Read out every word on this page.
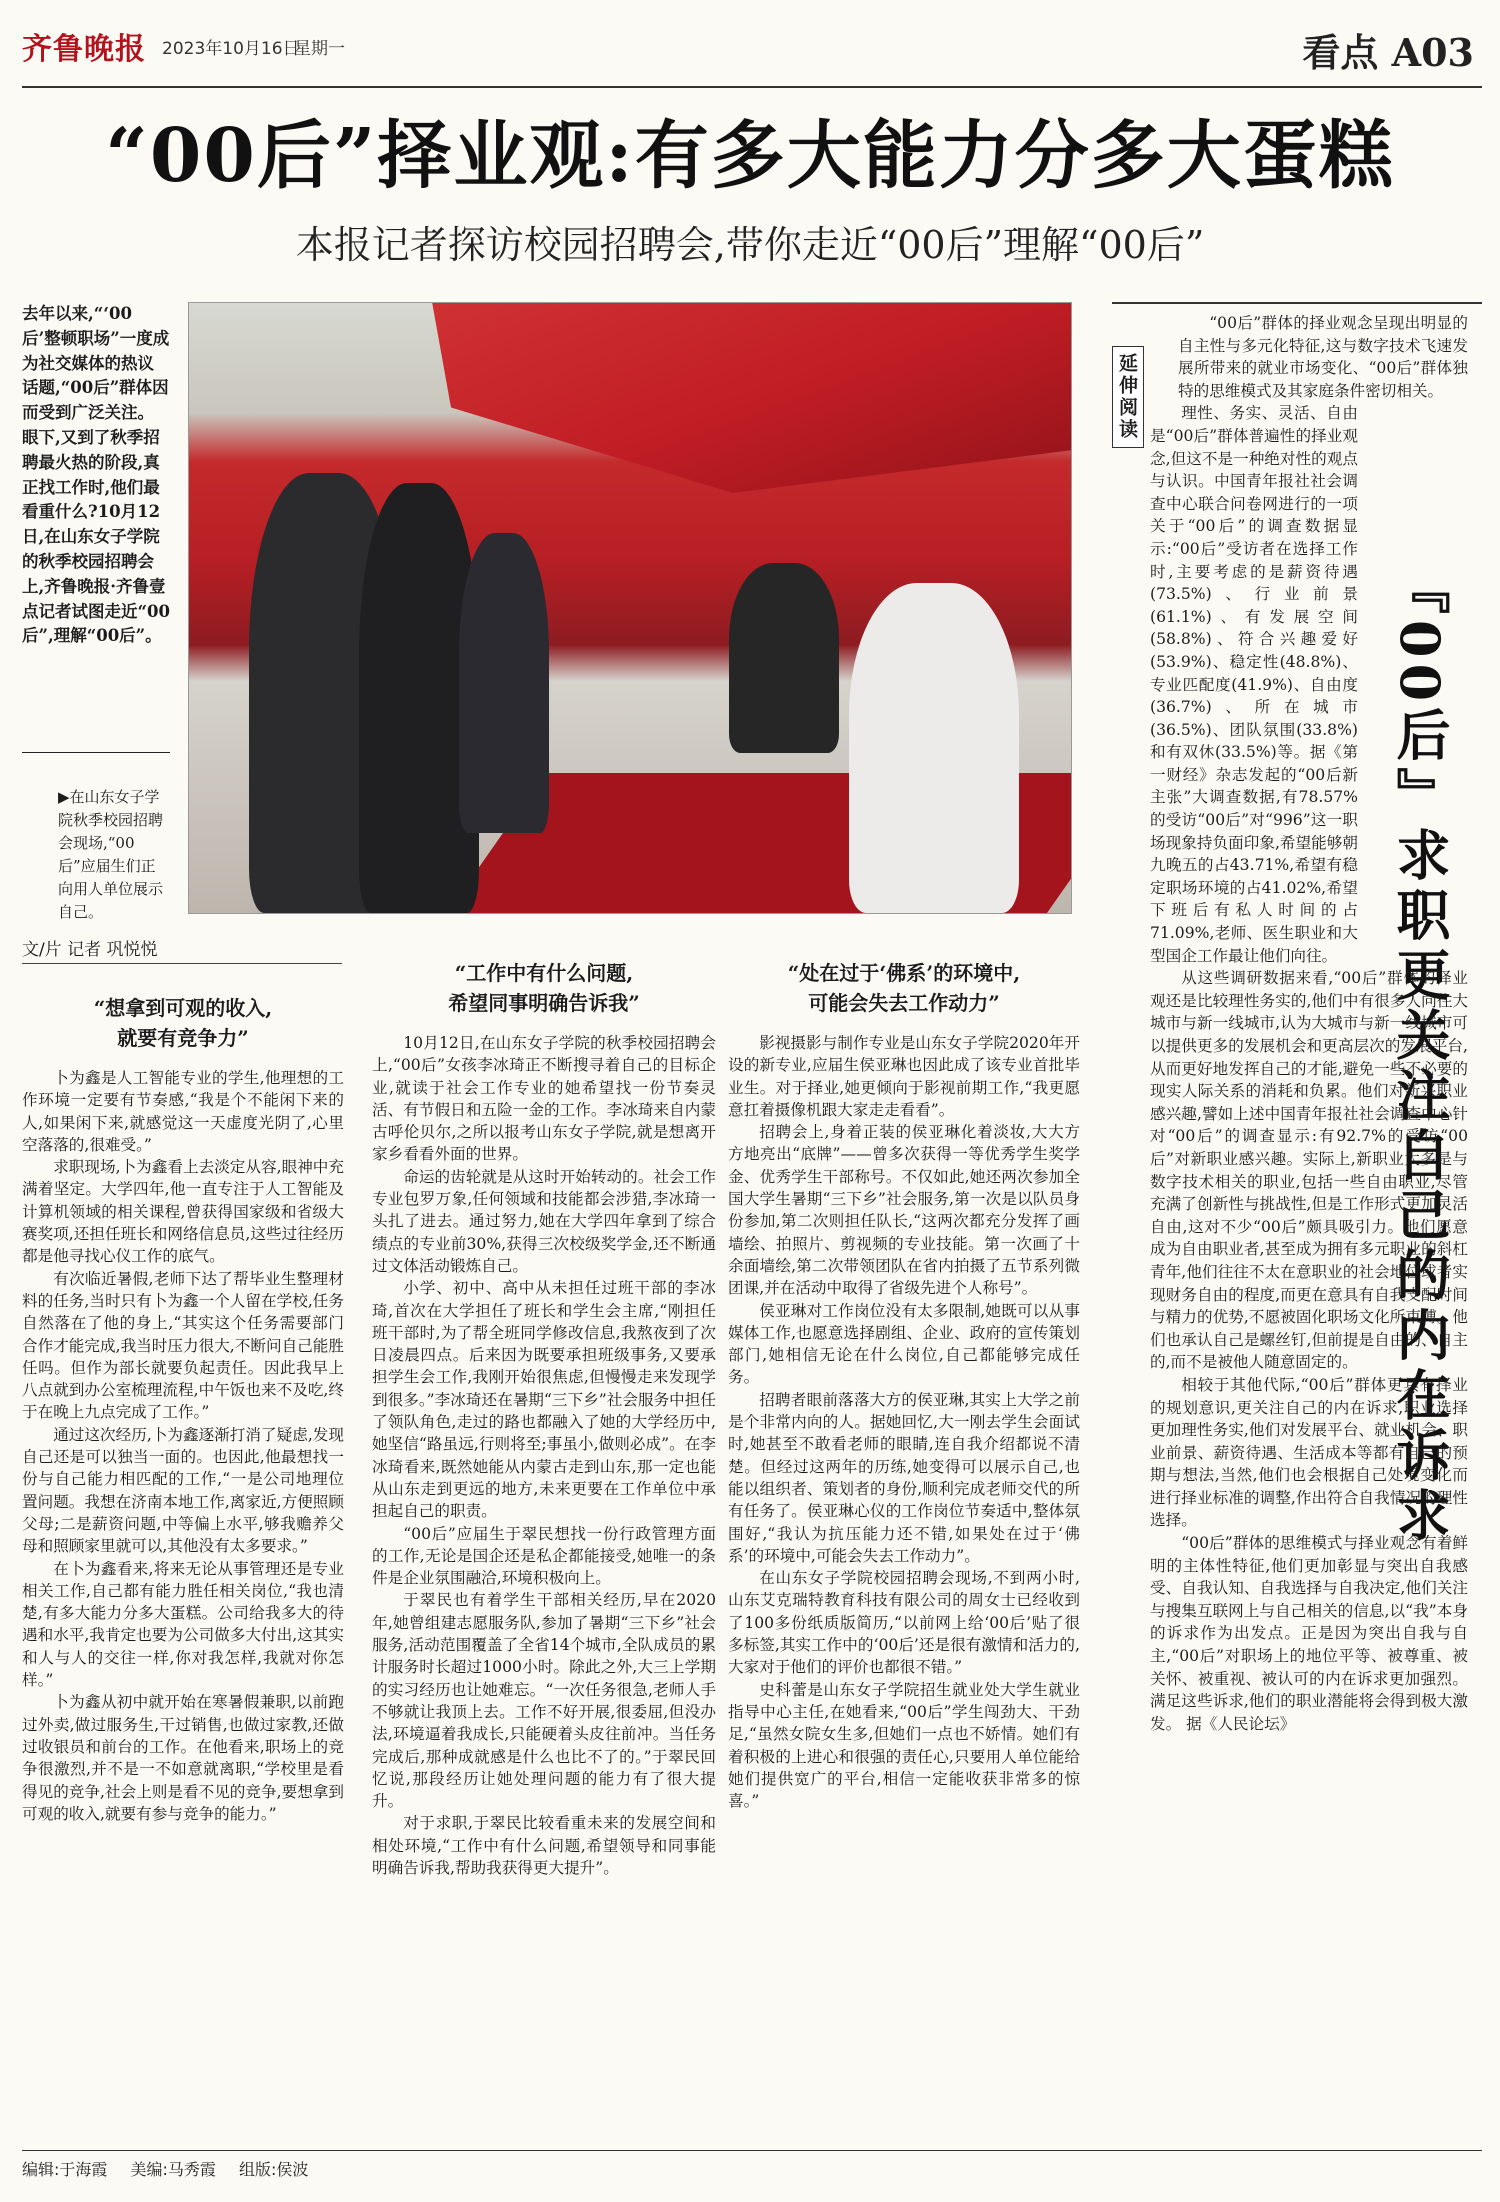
齐鲁晚报 2023年10月16日
星期一	看点 A03
“00后”择业观:有多大能力分多大蛋糕
本报记者探访校园招聘会,带你走近“00后”理解“00后”
去年以来,“‘00后’整顿职场”一度成为社交媒体的热议话题,“00后”群体因而受到广泛关注。眼下,又到了秋季招聘最火热的阶段,真正找工作时,他们最看重什么?10月12日,在山东女子学院的秋季校园招聘会上,齐鲁晚报·齐鲁壹点记者试图走近“00后”,理解“00后”。
▶在山东女子学院秋季校园招聘会现场,“00后”应届生们正向用人单位展示自己。
文/片 记者 巩悦悦
“想拿到可观的收入,
就要有竞争力”

卜为鑫是人工智能专业的学生,他理想的工作环境一定要有节奏感,“我是个不能闲下来的人,如果闲下来,就感觉这一天虚度光阴了,心里空落落的,很难受。”

求职现场,卜为鑫看上去淡定从容,眼神中充满着坚定。大学四年,他一直专注于人工智能及计算机领域的相关课程,曾获得国家级和省级大赛奖项,还担任班长和网络信息员,这些过往经历都是他寻找心仪工作的底气。

有次临近暑假,老师下达了帮毕业生整理材料的任务,当时只有卜为鑫一个人留在学校,任务自然落在了他的身上,“其实这个任务需要部门合作才能完成,我当时压力很大,不断问自己能胜任吗。但作为部长就要负起责任。因此我早上八点就到办公室梳理流程,中午饭也来不及吃,终于在晚上九点完成了工作。”

通过这次经历,卜为鑫逐渐打消了疑虑,发现自己还是可以独当一面的。也因此,他最想找一份与自己能力相匹配的工作,“一是公司地理位置问题。我想在济南本地工作,离家近,方便照顾父母;二是薪资问题,中等偏上水平,够我赡养父母和照顾家里就可以,其他没有太多要求。”

在卜为鑫看来,将来无论从事管理还是专业相关工作,自己都有能力胜任相关岗位,“我也清楚,有多大能力分多大蛋糕。公司给我多大的待遇和水平,我肯定也要为公司做多大付出,这其实和人与人的交往一样,你对我怎样,我就对你怎样。”

卜为鑫从初中就开始在寒暑假兼职,以前跑过外卖,做过服务生,干过销售,也做过家教,还做过收银员和前台的工作。在他看来,职场上的竞争很激烈,并不是一不如意就离职,“学校里是看得见的竞争,社会上则是看不见的竞争,要想拿到可观的收入,就要有参与竞争的能力。”

“工作中有什么问题,
希望同事明确告诉我”

10月12日,在山东女子学院的秋季校园招聘会上,“00后”女孩李冰琦正不断搜寻着自己的目标企业,就读于社会工作专业的她希望找一份节奏灵活、有节假日和五险一金的工作。李冰琦来自内蒙古呼伦贝尔,之所以报考山东女子学院,就是想离开家乡看看外面的世界。

命运的齿轮就是从这时开始转动的。社会工作专业包罗万象,任何领域和技能都会涉猎,李冰琦一头扎了进去。通过努力,她在大学四年拿到了综合绩点的专业前30%,获得三次校级奖学金,还不断通过文体活动锻炼自己。

小学、初中、高中从未担任过班干部的李冰琦,首次在大学担任了班长和学生会主席,“刚担任班干部时,为了帮全班同学修改信息,我熬夜到了次日凌晨四点。后来因为既要承担班级事务,又要承担学生会工作,我刚开始很焦虑,但慢慢走来发现学到很多。”李冰琦还在暑期“三下乡”社会服务中担任了领队角色,走过的路也都融入了她的大学经历中,她坚信“路虽远,行则将至;事虽小,做则必成”。在李冰琦看来,既然她能从内蒙古走到山东,那一定也能从山东走到更远的地方,未来更要在工作单位中承担起自己的职责。

“00后”应届生于翠民想找一份行政管理方面的工作,无论是国企还是私企都能接受,她唯一的条件是企业氛围融洽,环境积极向上。

于翠民也有着学生干部相关经历,早在2020年,她曾组建志愿服务队,参加了暑期“三下乡”社会服务,活动范围覆盖了全省14个城市,全队成员的累计服务时长超过1000小时。除此之外,大三上学期的实习经历也让她难忘。“一次任务很急,老师人手不够就让我顶上去。工作不好开展,很委屈,但没办法,环境逼着我成长,只能硬着头皮往前冲。当任务完成后,那种成就感是什么也比不了的。”于翠民回忆说,那段经历让她处理问题的能力有了很大提升。

对于求职,于翠民比较看重未来的发展空间和相处环境,“工作中有什么问题,希望领导和同事能明确告诉我,帮助我获得更大提升”。

“处在过于‘佛系’的环境中,
可能会失去工作动力”

影视摄影与制作专业是山东女子学院2020年开设的新专业,应届生侯亚琳也因此成了该专业首批毕业生。对于择业,她更倾向于影视前期工作,“我更愿意扛着摄像机跟大家走走看看”。

招聘会上,身着正装的侯亚琳化着淡妆,大大方方地亮出“底牌”——曾多次获得一等优秀学生奖学金、优秀学生干部称号。不仅如此,她还两次参加全国大学生暑期“三下乡”社会服务,第一次是以队员身份参加,第二次则担任队长,“这两次都充分发挥了画墙绘、拍照片、剪视频的专业技能。第一次画了十余面墙绘,第二次带领团队在省内拍摄了五节系列微团课,并在活动中取得了省级先进个人称号”。

侯亚琳对工作岗位没有太多限制,她既可以从事媒体工作,也愿意选择剧组、企业、政府的宣传策划部门,她相信无论在什么岗位,自己都能够完成任务。

招聘者眼前落落大方的侯亚琳,其实上大学之前是个非常内向的人。据她回忆,大一刚去学生会面试时,她甚至不敢看老师的眼睛,连自我介绍都说不清楚。但经过这两年的历练,她变得可以展示自己,也能以组织者、策划者的身份,顺利完成老师交代的所有任务了。侯亚琳心仪的工作岗位节奏适中,整体氛围好,“我认为抗压能力还不错,如果处在过于‘佛系’的环境中,可能会失去工作动力”。

在山东女子学院校园招聘会现场,不到两小时,山东艾克瑞特教育科技有限公司的周女士已经收到了100多份纸质版简历,“以前网上给‘00后’贴了很多标签,其实工作中的‘00后’还是很有激情和活力的,大家对于他们的评价也都很不错。”

史科蕾是山东女子学院招生就业处大学生就业指导中心主任,在她看来,“00后”学生闯劲大、干劲足,“虽然女院女生多,但她们一点也不娇情。她们有着积极的上进心和很强的责任心,只要用人单位能给她们提供宽广的平台,相信一定能收获非常多的惊喜。”

延伸阅读
『00后』求职更关注自己的内在诉求

“00后”群体的择业观念呈现出明显的自主性与多元化特征,这与数字技术飞速发展所带来的就业市场变化、“00后”群体独特的思维模式及其家庭条件密切相关。

理性、务实、灵活、自由是“00后”群体普遍性的择业观念,但这不是一种绝对性的观点与认识。中国青年报社社会调查中心联合问卷网进行的一项关于“00后”的调查数据显示:“00后”受访者在选择工作时,主要考虑的是薪资待遇(73.5%)、行业前景(61.1%)、有发展空间(58.8%)、符合兴趣爱好(53.9%)、稳定性(48.8%)、专业匹配度(41.9%)、自由度(36.7%)、所在城市(36.5%)、团队氛围(33.8%)和有双休(33.5%)等。据《第一财经》杂志发起的“00后新主张”大调查数据,有78.57%的受访“00后”对“996”这一职场现象持负面印象,希望能够朝九晚五的占43.71%,希望有稳定职场环境的占41.02%,希望下班后有私人时间的占71.09%,老师、医生职业和大型国企工作最让他们向往。

从这些调研数据来看,“00后”群体的择业观还是比较理性务实的,他们中有很多人向往大城市与新一线城市,认为大城市与新一线城市可以提供更多的发展机会和更高层次的发展平台,从而更好地发挥自己的才能,避免一些不必要的现实人际关系的消耗和负累。他们对新兴职业感兴趣,譬如上述中国青年报社社会调查中心针对“00后”的调查显示:有92.7%的受访“00后”对新职业感兴趣。实际上,新职业大多是与数字技术相关的职业,包括一些自由职业,尽管充满了创新性与挑战性,但是工作形式更加灵活自由,这对不少“00后”颇具吸引力。他们愿意成为自由职业者,甚至成为拥有多元职业的斜杠青年,他们往往不太在意职业的社会地位或者实现财务自由的程度,而更在意具有自我支配时间与精力的优势,不愿被固化职场文化所束缚。他们也承认自己是螺丝钉,但前提是自由的、自主的,而不是被他人随意固定的。

相较于其他代际,“00后”群体更具有择业的规划意识,更关注自己的内在诉求,职业选择更加理性务实,他们对发展平台、就业机会、职业前景、薪资待遇、生活成本等都有自己的预期与想法,当然,他们也会根据自己处境变化而进行择业标准的调整,作出符合自我情况的理性选择。

“00后”群体的思维模式与择业观念有着鲜明的主体性特征,他们更加彰显与突出自我感受、自我认知、自我选择与自我决定,他们关注与搜集互联网上与自己相关的信息,以“我”本身的诉求作为出发点。正是因为突出自我与自主,“00后”对职场上的地位平等、被尊重、被关怀、被重视、被认可的内在诉求更加强烈。满足这些诉求,他们的职业潜能将会得到极大激发。 据《人民论坛》

编辑:于海霞 美编:马秀霞 组版:侯波
